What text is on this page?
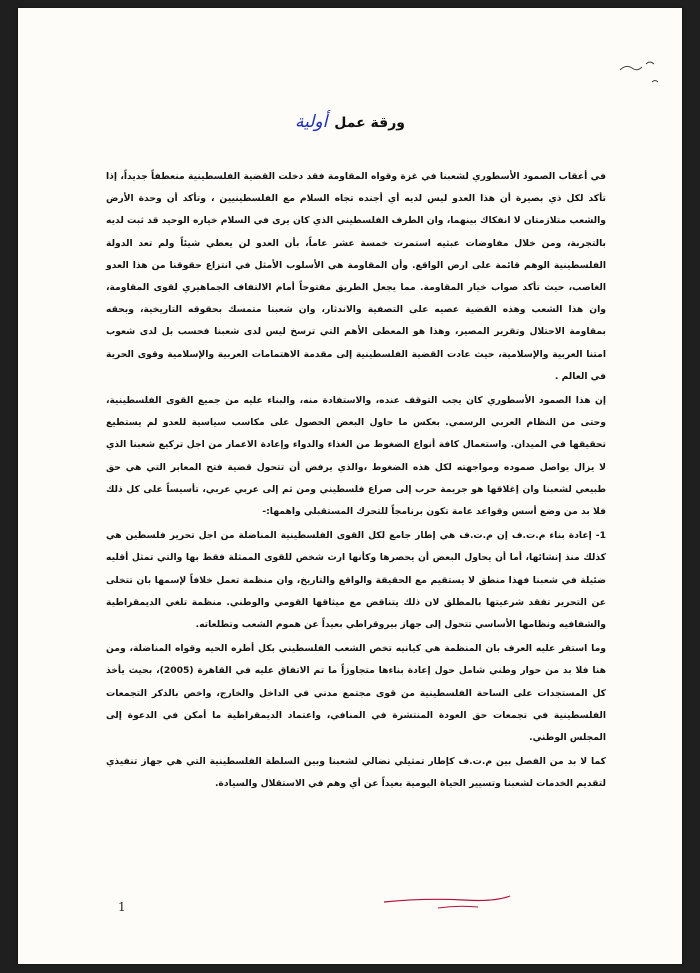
ورقة عمل أولية

في أعقاب الصمود الأسطوري لشعبنا في غزة وقواه المقاومة فقد دخلت القضية الفلسطينية منعطفاً جديداً، إذا تأكد لكل ذي بصيرة أن هذا العدو ليس لديه أي أجنده تجاه السلام مع الفلسطينيين ، وتأكد أن وحدة الأرض والشعب متلازمتان لا انفكاك بينهما، وان الطرف الفلسطيني الذي كان يرى في السلام خياره الوحيد قد ثبت لديه بالتجربة، ومن خلال مفاوضات عبثيه استمرت خمسة عشر عاماً، بأن العدو لن يعطي شيئاً ولم تعد الدولة الفلسطينية الوهم قائمة على ارض الواقع. وأن المقاومة هي الأسلوب الأمثل في انتزاع حقوقنا من هذا العدو الغاصب، حيث تأكد صواب خيار المقاومة. مما يجعل الطريق مفتوحاً أمام الالتفاف الجماهيري لقوى المقاومة، وان هذا الشعب وهذه القضية عصيه على التصفية والاندثار، وان شعبنا متمسك بحقوقه التاريخية، وبحقه بمقاومة الاحتلال وتقرير المصير، وهذا هو المعطى الأهم التي ترسخ ليس لدى شعبنا فحسب بل لدى شعوب امتنا العربية والإسلامية، حيث عادت القضية الفلسطينية إلى مقدمة الاهتمامات العربية والإسلامية وقوى الحرية في العالم .

إن هذا الصمود الأسطوري كان يجب التوقف عنده، والاستفادة منه، والبناء عليه من جميع القوى الفلسطينية، وحتى من النظام العربي الرسمي. بعكس ما حاول البعض الحصول على مكاسب سياسية للعدو لم يستطيع تحقيقها في الميدان. واستعمال كافة أنواع الضغوط من الغذاء والدواء وإعادة الاعمار من اجل تركيع شعبنا الذي لا يزال يواصل صموده ومواجهته لكل هذه الضغوط ،والذي يرفض أن تتحول قضية فتح المعابر التي هي حق طبيعي لشعبنا وان إغلاقها هو جريمة حرب إلى صراع فلسطيني ومن ثم إلى عربي عربي، تأسيساً على كل ذلك فلا بد من وضع أسس وقواعد عامة تكون برنامجاً للتحرك المستقبلي واهمها:-

1- إعادة بناء م.ت.ف إن م.ت.ف هي إطار جامع لكل القوى الفلسطينية المناضلة من اجل تحرير فلسطين هي كذلك منذ إنشائها، أما أن يحاول البعض أن يحصرها وكأنها ارث شخص للقوى الممثلة فقط بها والتي تمثل أقليه ضئيلة في شعبنا فهذا منطق لا يستقيم مع الحقيقة والواقع والتاريخ، وان منظمة تعمل خلافاً لإسمها بان تتخلى عن التحرير تفقد شرعيتها بالمطلق لان ذلك يتناقض مع ميثاقها القومي والوطني. منظمة تلغي الديمقراطية والشفافيه ونظامها الأساسي تتحول إلى جهاز بيروقراطي بعيداً عن هموم الشعب وتطلعاته.

وما استقر عليه العرف بان المنظمة هي كيانيه تخص الشعب الفلسطيني بكل أطره الحيه وقواه المناضلة، ومن هنا فلا بد من حوار وطني شامل حول إعادة بناءها متجاوزاً ما تم الاتفاق عليه في القاهرة (2005)، بحيث يأخذ كل المستجدات على الساحة الفلسطينية من قوى مجتمع مدني في الداخل والخارج، واخص بالذكر التجمعات الفلسطينية في تجمعات حق العودة المنتشرة في المنافي، واعتماد الديمقراطية ما أمكن في الدعوة إلى المجلس الوطني.

كما لا بد من الفصل بين م.ت.ف كإطار تمثيلي نضالي لشعبنا وبين السلطة الفلسطينية التي هي جهاز تنفيذي لتقديم الخدمات لشعبنا وتسيير الحياة اليومية بعيداً عن أي وهم في الاستقلال والسيادة.

1
